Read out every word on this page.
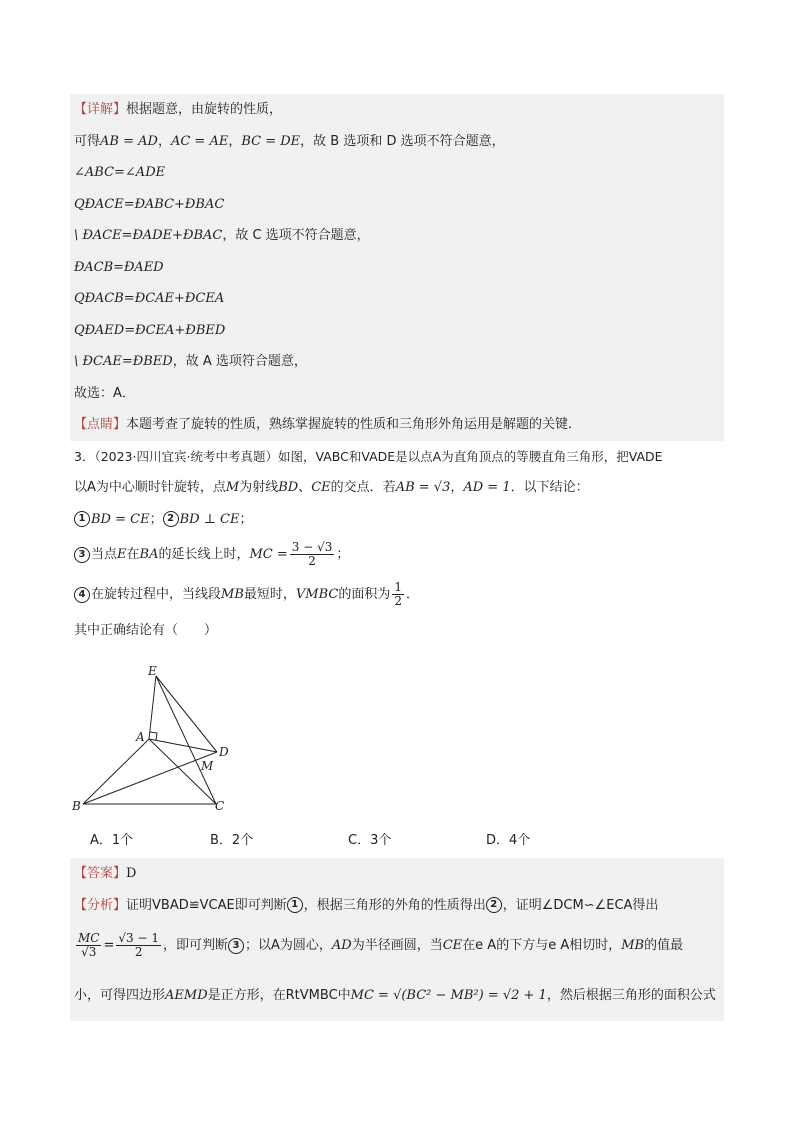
【详解】根据题意，由旋转的性质，
可得AB = AD，AC = AE，BC = DE，故 B 选项和 D 选项不符合题意，
∠ABC=∠ADE
QÐACE=ÐABC+ÐBAC
\ ÐACE=ÐADE+ÐBAC，故 C 选项不符合题意，
ÐACB=ÐAED
QÐACB=ÐCAE+ÐCEA
QÐAED=ÐCEA+ÐBED
\ ÐCAE=ÐBED，故 A 选项符合题意，
故选：A．
【点睛】本题考查了旋转的性质，熟练掌握旋转的性质和三角形外角运用是解题的关键．
3．（2023·四川宜宾·统考中考真题）如图，VABC和VADE是以点A为直角顶点的等腰直角三角形，把VADE
以A为中心顺时针旋转，点M为射线BD、CE的交点．若AB = √3，AD = 1．以下结论：
1 BD = CE； 2 BD ⊥ CE；
3 当点E在BA的延长线上时，MC = $\frac{3 - √3}{2}$ ；
4 在旋转过程中，当线段MB最短时，VMBC的面积为 $\frac{1}{2}$ ．
其中正确结论有（　　）
E
A
D
M
B	C
A．1个	B．2个	C．3个	D．4个
【答案】D
【分析】证明VBAD≌VCAE即可判断 1 ，根据三角形的外角的性质得出 2 ，证明∠DCM∽∠ECA得出
$\frac{MC}{√3} = \frac{√3 - 1}{2}$ ，即可判断 3 ；以A为圆心，AD为半径画圆，当CE在e A的下方与e A相切时，MB的值最
小，可得四边形AEMD是正方形，在RtVMBC中MC = √(BC² − MB²) = √2 + 1，然后根据三角形的面积公式
